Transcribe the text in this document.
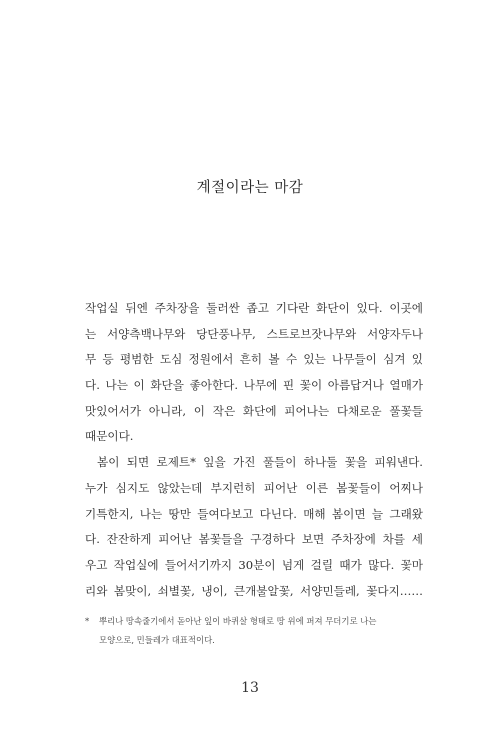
계절이라는 마감
작업실 뒤엔 주차장을 둘러싼 좁고 기다란 화단이 있다. 이곳에
는 서양측백나무와 당단풍나무, 스트로브잣나무와 서양자두나
무 등 평범한 도심 정원에서 흔히 볼 수 있는 나무들이 심겨 있
다. 나는 이 화단을 좋아한다. 나무에 핀 꽃이 아름답거나 열매가
맛있어서가 아니라, 이 작은 화단에 피어나는 다채로운 풀꽃들
때문이다.
봄이 되면 로제트* 잎을 가진 풀들이 하나둘 꽃을 피워낸다.
누가 심지도 않았는데 부지런히 피어난 이른 봄꽃들이 어찌나
기특한지, 나는 땅만 들여다보고 다닌다. 매해 봄이면 늘 그래왔
다. 잔잔하게 피어난 봄꽃들을 구경하다 보면 주차장에 차를 세
우고 작업실에 들어서기까지 30분이 넘게 걸릴 때가 많다. 꽃마
리와 봄맞이, 쇠별꽃, 냉이, 큰개불알꽃, 서양민들레, 꽃다지……
* 뿌리나 땅속줄기에서 돋아난 잎이 바퀴살 형태로 땅 위에 퍼져 무더기로 나는
모양으로, 민들레가 대표적이다.
13
